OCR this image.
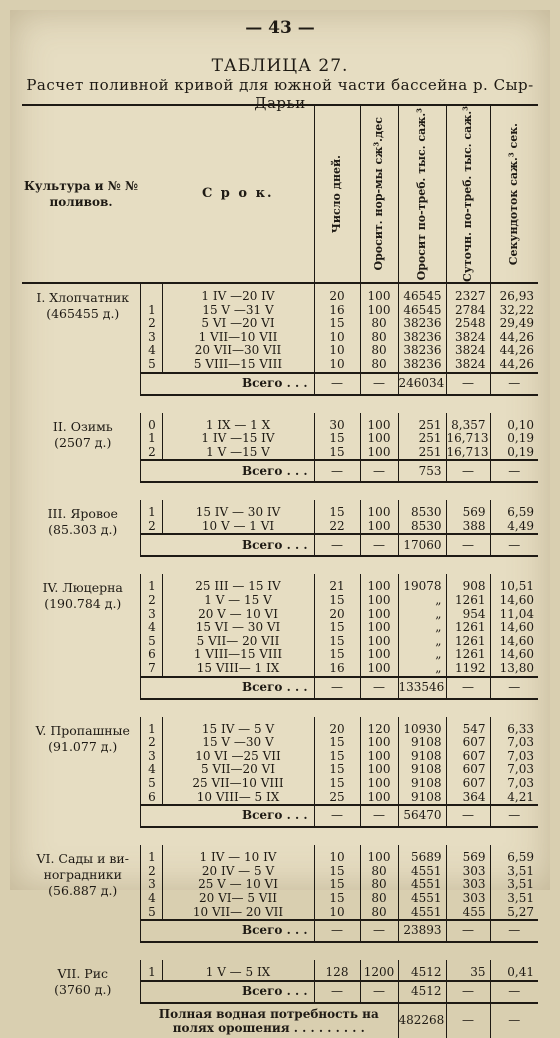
— 43 —
ТАБЛИЦА 27.
Расчет поливной кривой для южной части бассейна р. Сыр-Дарьи
Культура и № № поливов.		С р о к.	Число дней.	Оросит. нор-мы сж³.дес	Оросит по-треб. тыс. саж.³	Суточн. по-треб. тыс. саж.³	Секундоток саж.³ сек.

I. Хлопчатник
(465455 д.)		1 IV —20 IV	20	100	46545	2327	26,93
	1	15 V —31 V	16	100	46545	2784	32,22
	2	5 VI —20 VI	15	80	38236	2548	29,49
	3	1 VII—10 VII	10	80	38236	3824	44,26
	4	20 VII—30 VII	10	80	38236	3824	44,26
	5	5 VIII—15 VIII	10	80	38236	3824	44,26
	Всего . . .		—	—	246034	—	—

II. Озимь
(2507 д.)	0	1 IX — 1 X	30	100	251	8,357	0,10
	1	1 IV —15 IV	15	100	251	16,713	0,19
	2	1 V —15 V	15	100	251	16,713	0,19
	Всего . . .		—	—	753	—	—

III. Яровое
(85.303 д.)	1	15 IV — 30 IV	15	100	8530	569	6,59
	2	10 V — 1 VI	22	100	8530	388	4,49
	Всего . . .		—	—	17060	—	—

IV. Люцерна
(190.784 д.)	1	25 III — 15 IV	21	100	19078	908	10,51
	2	1 V — 15 V	15	100	„	1261	14,60
	3	20 V — 10 VI	20	100	„	954	11,04
	4	15 VI — 30 VI	15	100	„	1261	14,60
	5	5 VII— 20 VII	15	100	„	1261	14,60
	6	1 VIII—15 VIII	15	100	„	1261	14,60
	7	15 VIII— 1 IX	16	100	„	1192	13,80
	Всего . . .		—	—	133546	—	—

V. Пропашные
(91.077 д.)	1	15 IV — 5 V	20	120	10930	547	6,33
	2	15 V —30 V	15	100	9108	607	7,03
	3	10 VI —25 VII	15	100	9108	607	7,03
	4	5 VII—20 VI	15	100	9108	607	7,03
	5	25 VII—10 VIII	15	100	9108	607	7,03
	6	10 VIII— 5 IX	25	100	9108	364	4,21
	Всего . . .		—	—	56470	—	—

VI. Сады и ви-ноградники
(56.887 д.)	1	1 IV — 10 IV	10	100	5689	569	6,59
	2	20 IV — 5 V	15	80	4551	303	3,51
	3	25 V — 10 VI	15	80	4551	303	3,51
	4	20 VI— 5 VII	15	80	4551	303	3,51
	5	10 VII— 20 VII	10	80	4551	455	5,27
	Всего . . .		—	—	23893	—	—

VII. Рис
(3760 д.)	1	1 V — 5 IX	128	1200	4512	35	0,41
	Всего . . .		—	—	4512	—	—
	Полная водная потребность на полях орошения . . . . . . . . .				482268	—	—
